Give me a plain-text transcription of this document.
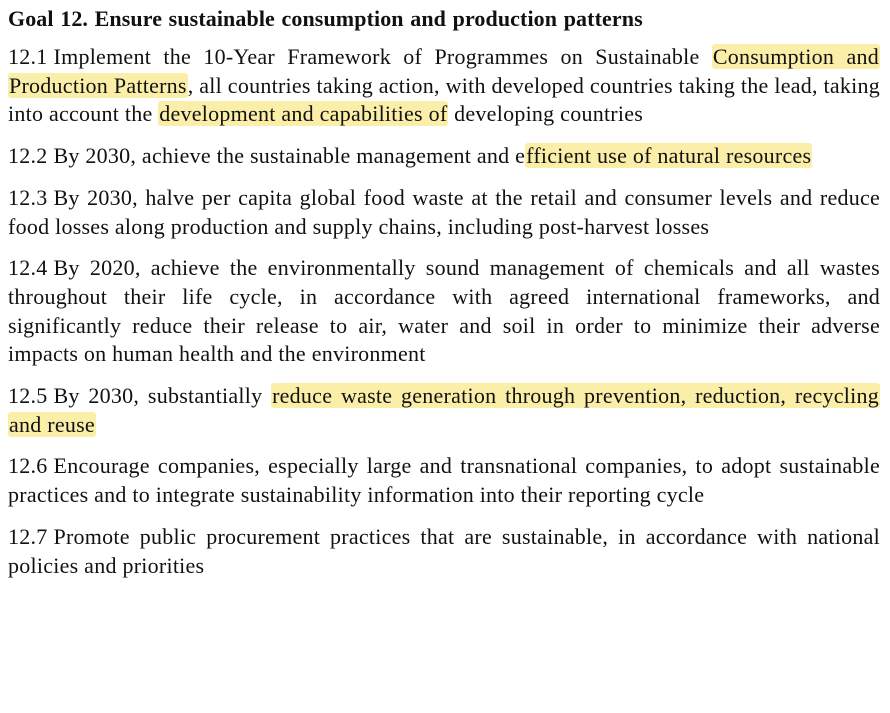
Goal 12. Ensure sustainable consumption and production patterns

12.1 Implement the 10-Year Framework of Programmes on Sustainable Consumption and Production Patterns, all countries taking action, with developed countries taking the lead, taking into account the development and capabilities of developing countries

12.2 By 2030, achieve the sustainable management and efficient use of natural resources

12.3 By 2030, halve per capita global food waste at the retail and consumer levels and reduce food losses along production and supply chains, including post-harvest losses

12.4 By 2020, achieve the environmentally sound management of chemicals and all wastes throughout their life cycle, in accordance with agreed international frameworks, and significantly reduce their release to air, water and soil in order to minimize their adverse impacts on human health and the environment

12.5 By 2030, substantially reduce waste generation through prevention, reduction, recycling and reuse

12.6 Encourage companies, especially large and transnational companies, to adopt sustainable practices and to integrate sustainability information into their reporting cycle

12.7 Promote public procurement practices that are sustainable, in accordance with national policies and priorities
